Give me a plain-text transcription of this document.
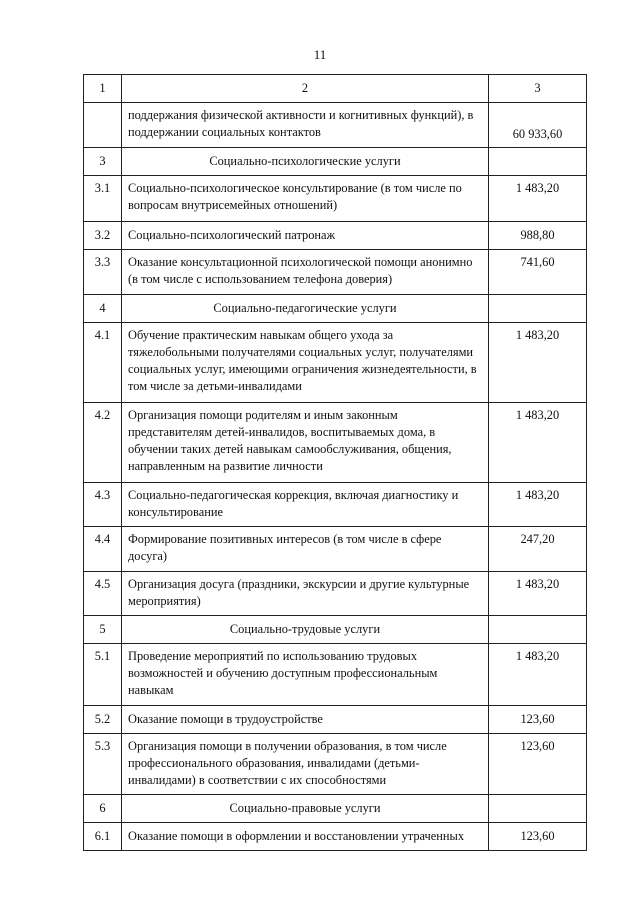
11
1	2	3
	поддержания физической активности и когнитивных функций), в поддержании социальных контактов	60 933,60
3	Социально-психологические услуги	
3.1	Социально-психологическое консультирование (в том числе по вопросам внутрисемейных отношений)	1 483,20
3.2	Социально-психологический патронаж	988,80
3.3	Оказание консультационной психологической помощи анонимно (в том числе с использованием телефона доверия)	741,60
4	Социально-педагогические услуги	
4.1	Обучение практическим навыкам общего ухода за тяжелобольными получателями социальных услуг, получателями социальных услуг, имеющими ограничения жизнедеятельности, в том числе за детьми-инвалидами	1 483,20
4.2	Организация помощи родителям и иным законным представителям детей-инвалидов, воспитываемых дома, в обучении таких детей навыкам самообслуживания, общения, направленным на развитие личности	1 483,20
4.3	Социально-педагогическая коррекция, включая диагностику и консультирование	1 483,20
4.4	Формирование позитивных интересов (в том числе в сфере досуга)	247,20
4.5	Организация досуга (праздники, экскурсии и другие культурные мероприятия)	1 483,20
5	Социально-трудовые услуги	
5.1	Проведение мероприятий по использованию трудовых возможностей и обучению доступным профессиональным навыкам	1 483,20
5.2	Оказание помощи в трудоустройстве	123,60
5.3	Организация помощи в получении образования, в том числе профессионального образования, инвалидами (детьми-инвалидами) в соответствии с их способностями	123,60
6	Социально-правовые услуги	
6.1	Оказание помощи в оформлении и восстановлении утраченных	123,60
